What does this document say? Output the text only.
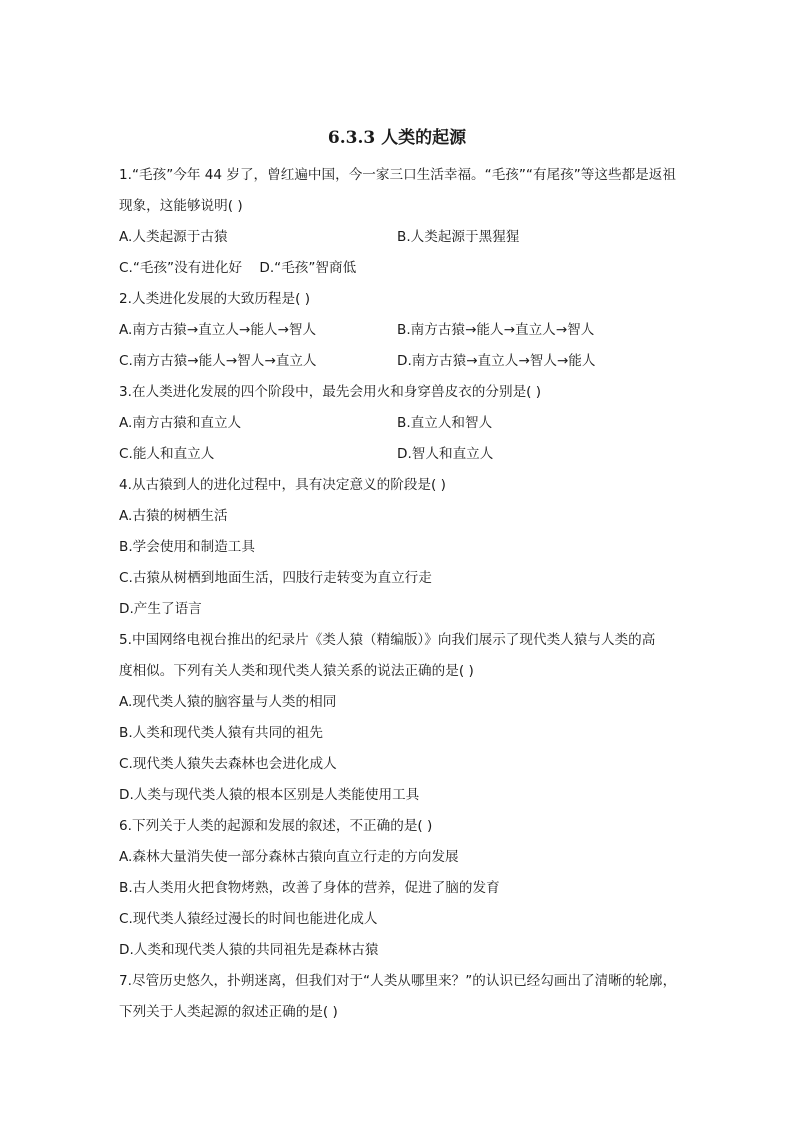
6.3.3 人类的起源
1.“毛孩”今年 44 岁了，曾红遍中国，今一家三口生活幸福。“毛孩”“有尾孩”等这些都是返祖
现象，这能够说明( )
A.人类起源于古猿	B.人类起源于黑猩猩
C.“毛孩”没有进化好 D.“毛孩”智商低
2.人类进化发展的大致历程是( )
A.南方古猿→直立人→能人→智人	B.南方古猿→能人→直立人→智人
C.南方古猿→能人→智人→直立人	D.南方古猿→直立人→智人→能人
3.在人类进化发展的四个阶段中，最先会用火和身穿兽皮衣的分别是( )
A.南方古猿和直立人	B.直立人和智人
C.能人和直立人	D.智人和直立人
4.从古猿到人的进化过程中，具有决定意义的阶段是( )
A.古猿的树栖生活
B.学会使用和制造工具
C.古猿从树栖到地面生活，四肢行走转变为直立行走
D.产生了语言
5.中国网络电视台推出的纪录片《类人猿（精编版）》向我们展示了现代类人猿与人类的高
度相似。下列有关人类和现代类人猿关系的说法正确的是( )
A.现代类人猿的脑容量与人类的相同
B.人类和现代类人猿有共同的祖先
C.现代类人猿失去森林也会进化成人
D.人类与现代类人猿的根本区别是人类能使用工具
6.下列关于人类的起源和发展的叙述，不正确的是( )
A.森林大量消失使一部分森林古猿向直立行走的方向发展
B.古人类用火把食物烤熟，改善了身体的营养，促进了脑的发育
C.现代类人猿经过漫长的时间也能进化成人
D.人类和现代类人猿的共同祖先是森林古猿
7.尽管历史悠久，扑朔迷离，但我们对于“人类从哪里来？”的认识已经勾画出了清晰的轮廓，
下列关于人类起源的叙述正确的是( )
